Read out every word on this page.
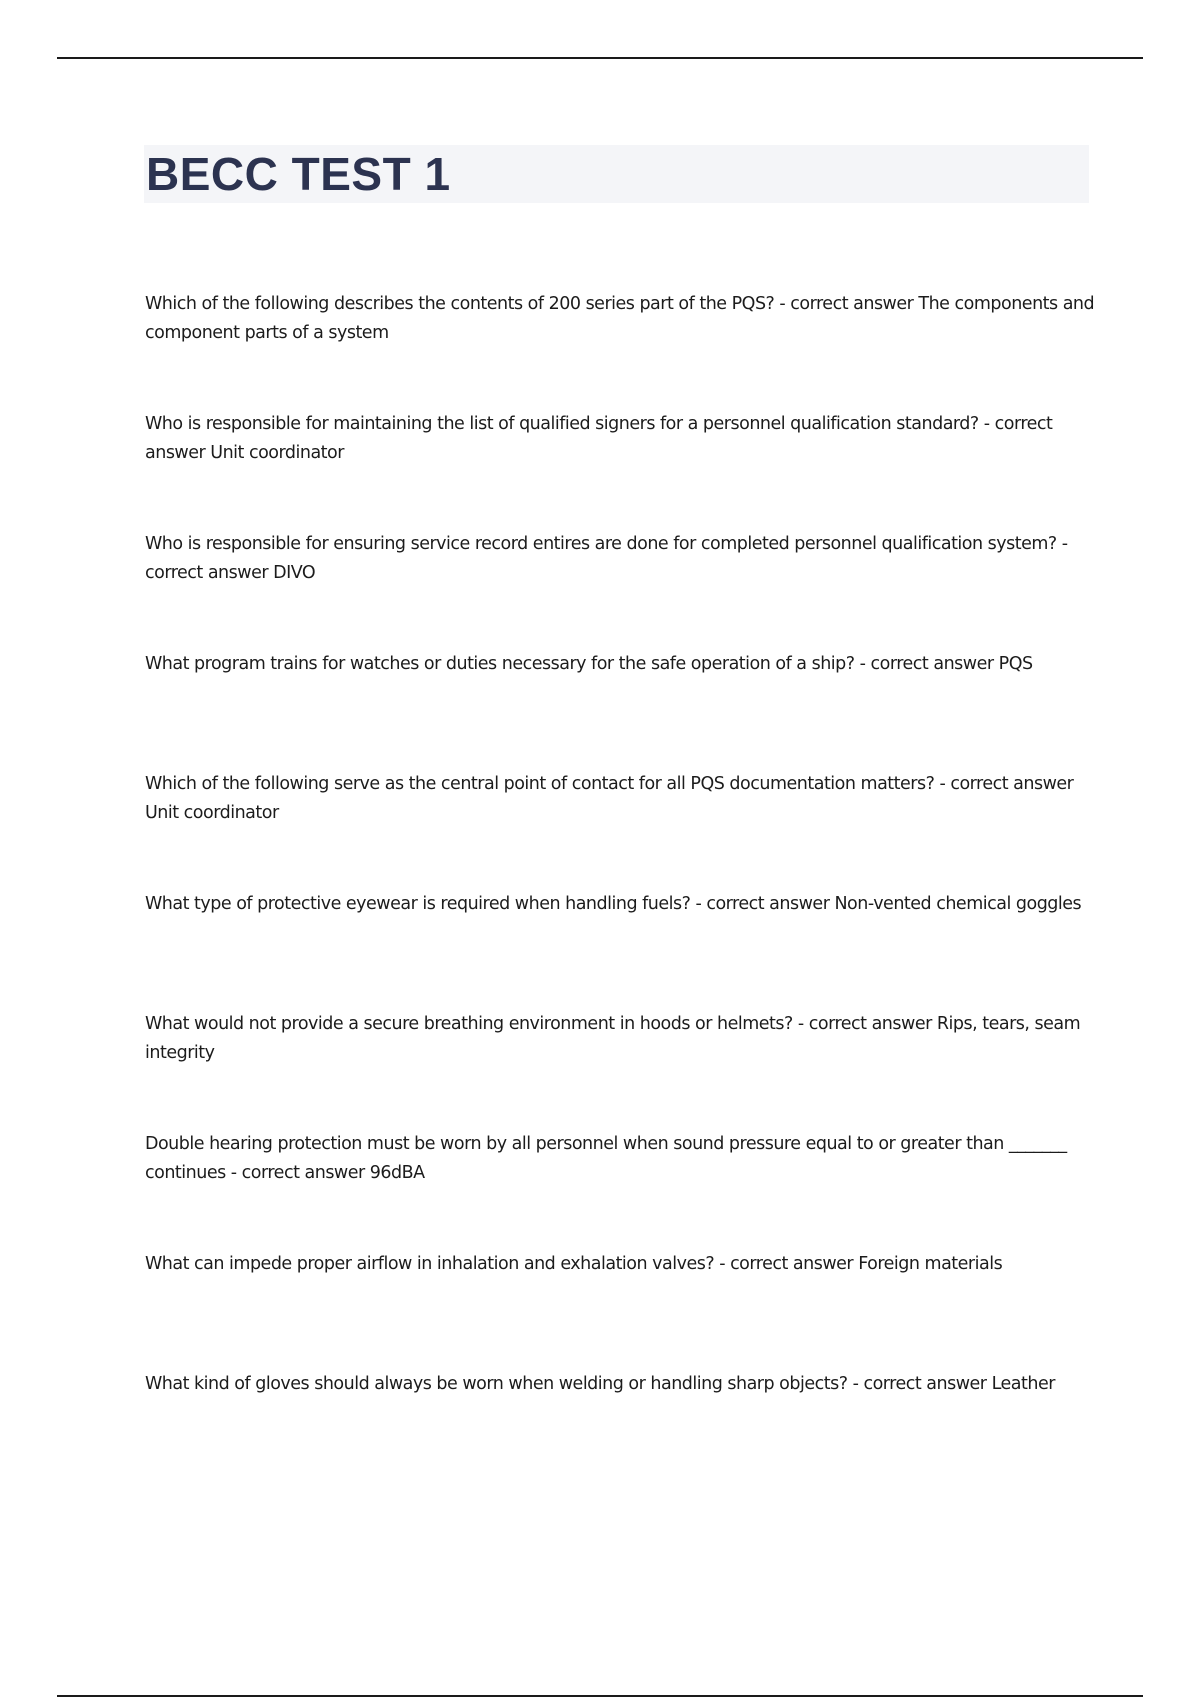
BECC TEST 1

Which of the following describes the contents of 200 series part of the PQS? - correct answer The components and component parts of a system

Who is responsible for maintaining the list of qualified signers for a personnel qualification standard? - correct answer Unit coordinator

Who is responsible for ensuring service record entires are done for completed personnel qualification system? - correct answer DIVO

What program trains for watches or duties necessary for the safe operation of a ship? - correct answer PQS

Which of the following serve as the central point of contact for all PQS documentation matters? - correct answer Unit coordinator

What type of protective eyewear is required when handling fuels? - correct answer Non-vented chemical goggles

What would not provide a secure breathing environment in hoods or helmets? - correct answer Rips, tears, seam integrity

Double hearing protection must be worn by all personnel when sound pressure equal to or greater than _______ continues - correct answer 96dBA

What can impede proper airflow in inhalation and exhalation valves? - correct answer Foreign materials

What kind of gloves should always be worn when welding or handling sharp objects? - correct answer Leather
